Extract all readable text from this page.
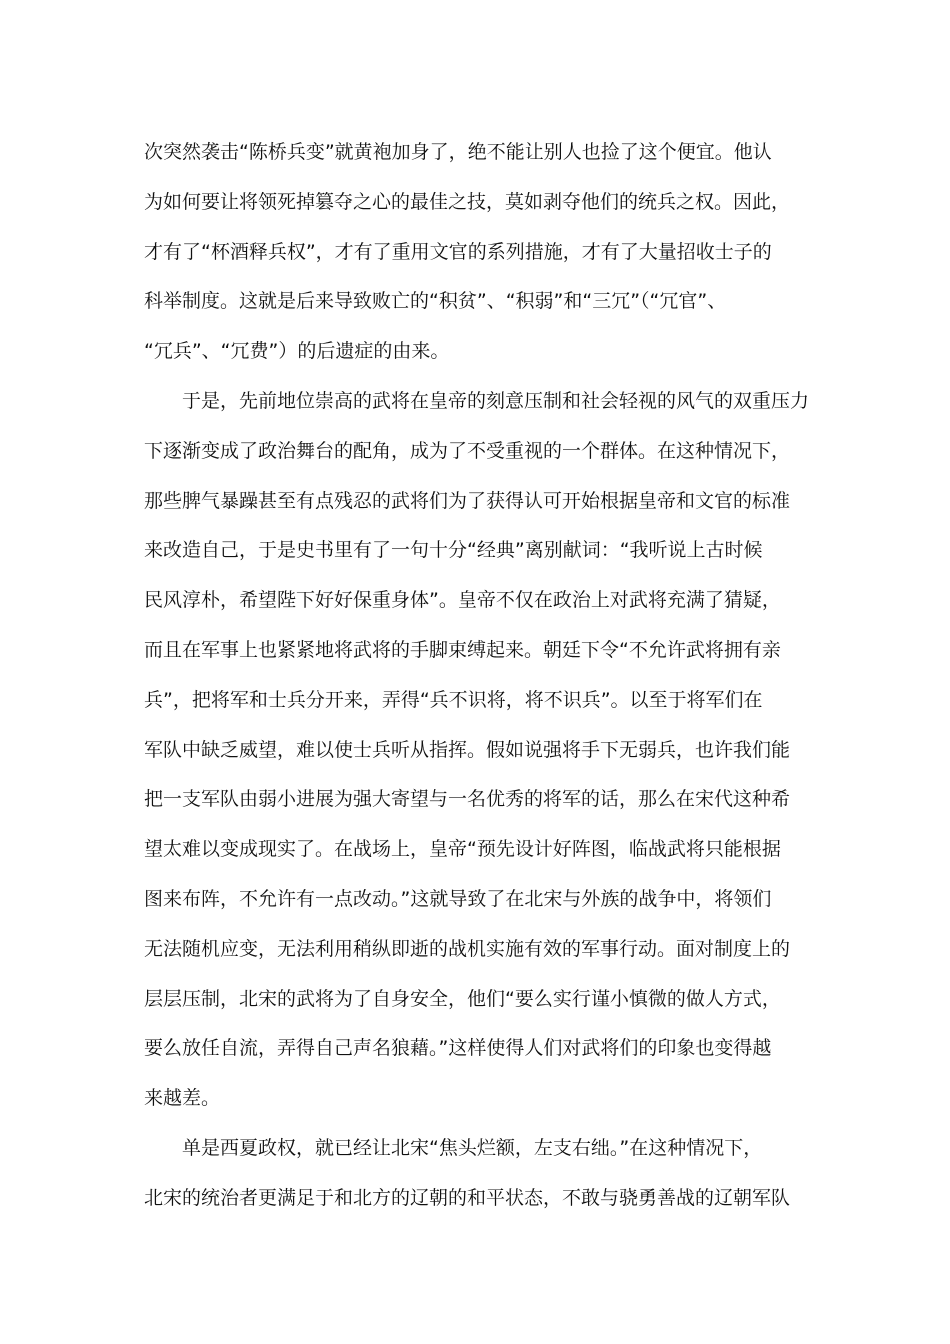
次突然袭击“陈桥兵变”就黄袍加身了，绝不能让别人也捡了这个便宜。他认
为如何要让将领死掉篡夺之心的最佳之技，莫如剥夺他们的统兵之权。因此，
才有了“杯酒释兵权”，才有了重用文官的系列措施，才有了大量招收士子的
科举制度。这就是后来导致败亡的“积贫”、“积弱”和“三冗”（“冗官”、
“冗兵”、“冗费”）的后遗症的由来。
于是，先前地位崇高的武将在皇帝的刻意压制和社会轻视的风气的双重压力
下逐渐变成了政治舞台的配角，成为了不受重视的一个群体。在这种情况下，
那些脾气暴躁甚至有点残忍的武将们为了获得认可开始根据皇帝和文官的标准
来改造自己，于是史书里有了一句十分“经典”离别献词：“我听说上古时候
民风淳朴，希望陛下好好保重身体”。皇帝不仅在政治上对武将充满了猜疑，
而且在军事上也紧紧地将武将的手脚束缚起来。朝廷下令“不允许武将拥有亲
兵”，把将军和士兵分开来，弄得“兵不识将，将不识兵”。以至于将军们在
军队中缺乏威望，难以使士兵听从指挥。假如说强将手下无弱兵，也许我们能
把一支军队由弱小进展为强大寄望与一名优秀的将军的话，那么在宋代这种希
望太难以变成现实了。在战场上，皇帝“预先设计好阵图，临战武将只能根据
图来布阵，不允许有一点改动。”这就导致了在北宋与外族的战争中，将领们
无法随机应变，无法利用稍纵即逝的战机实施有效的军事行动。面对制度上的
层层压制，北宋的武将为了自身安全，他们“要么实行谨小慎微的做人方式，
要么放任自流，弄得自己声名狼藉。”这样使得人们对武将们的印象也变得越
来越差。
单是西夏政权，就已经让北宋“焦头烂额，左支右绌。”在这种情况下，
北宋的统治者更满足于和北方的辽朝的和平状态，不敢与骁勇善战的辽朝军队
